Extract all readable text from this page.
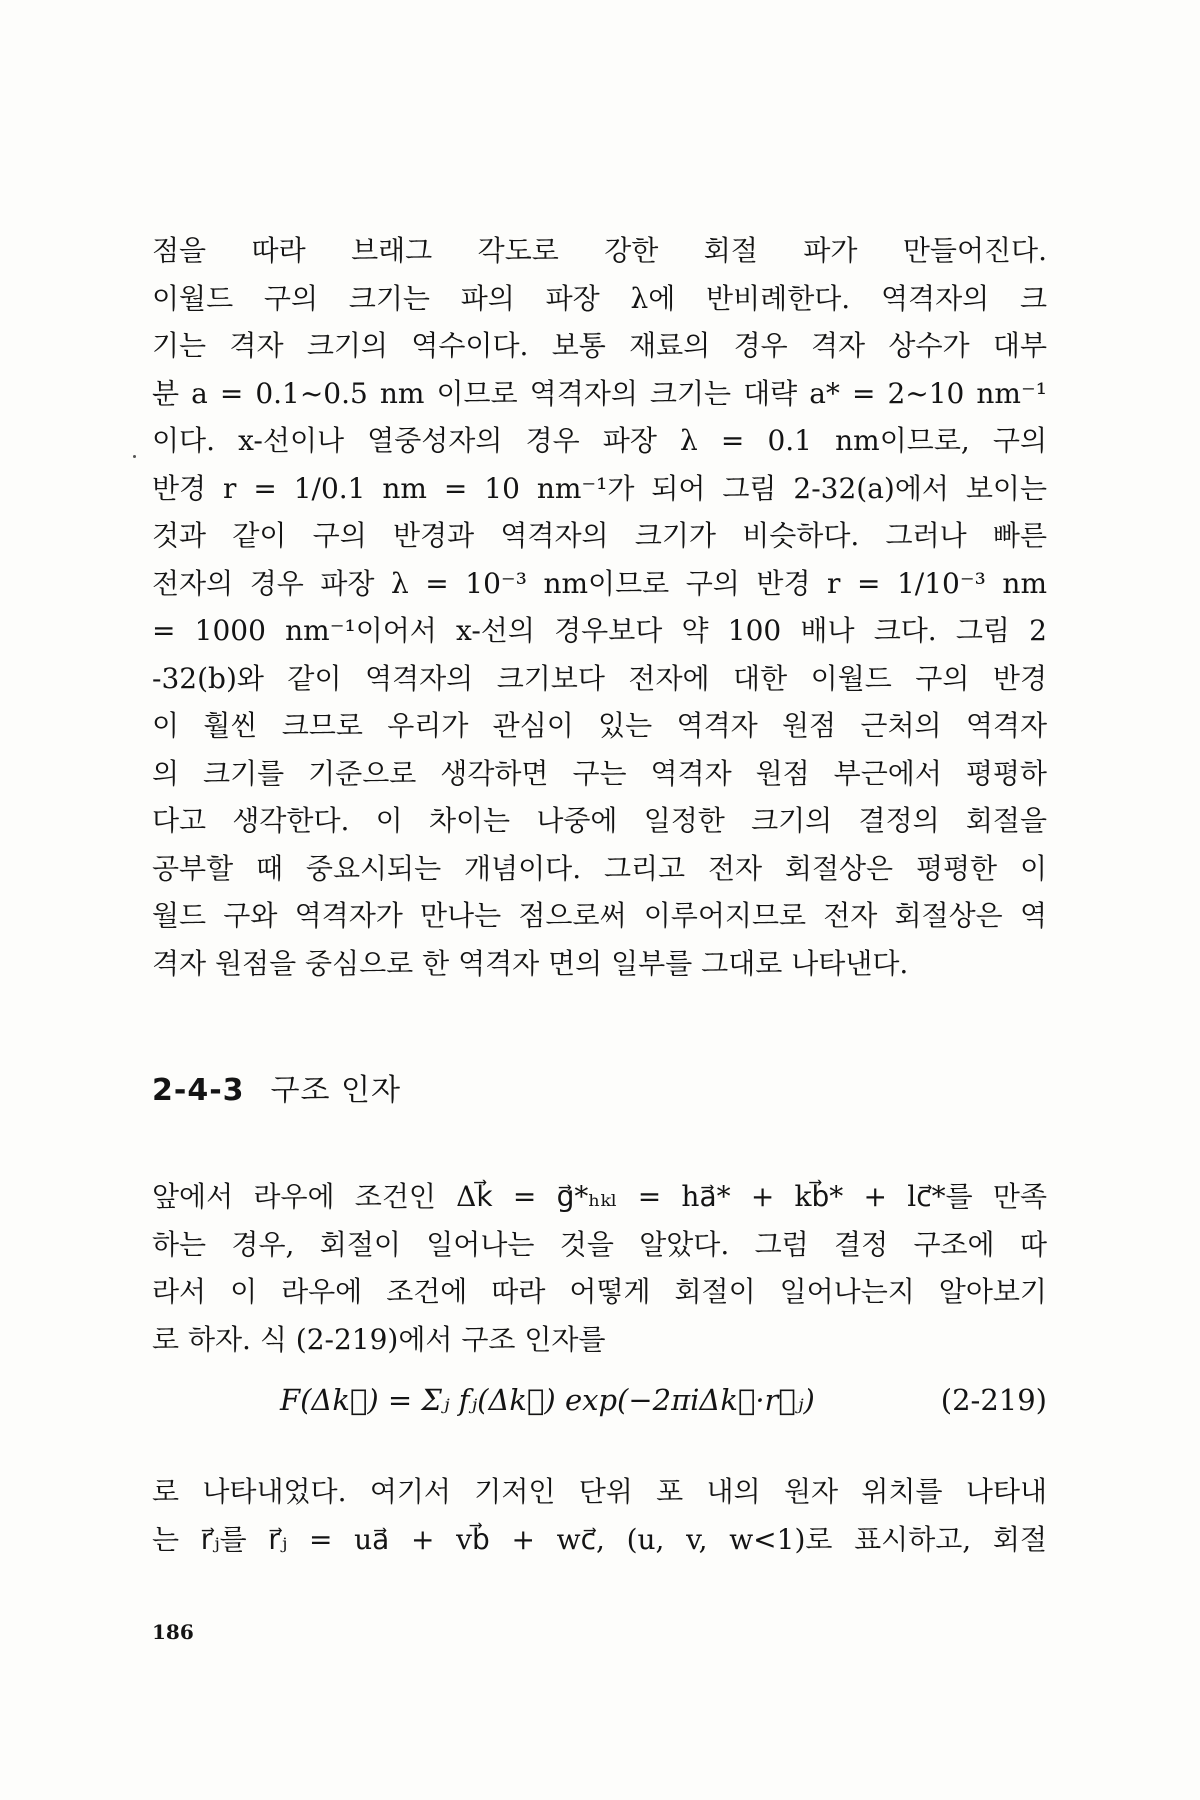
점을 따라 브래그 각도로 강한 회절 파가 만들어진다.
이월드 구의 크기는 파의 파장 λ에 반비례한다. 역격자의 크
기는 격자 크기의 역수이다. 보통 재료의 경우 격자 상수가 대부
분 a = 0.1~0.5 nm 이므로 역격자의 크기는 대략 a* = 2~10 nm⁻¹
이다. x-선이나 열중성자의 경우 파장 λ = 0.1 nm이므로, 구의
반경 r = 1/0.1 nm = 10 nm⁻¹가 되어 그림 2-32(a)에서 보이는
것과 같이 구의 반경과 역격자의 크기가 비슷하다. 그러나 빠른
전자의 경우 파장 λ = 10⁻³ nm이므로 구의 반경 r = 1/10⁻³ nm
= 1000 nm⁻¹이어서 x-선의 경우보다 약 100 배나 크다. 그림 2
-32(b)와 같이 역격자의 크기보다 전자에 대한 이월드 구의 반경
이 훨씬 크므로 우리가 관심이 있는 역격자 원점 근처의 역격자
의 크기를 기준으로 생각하면 구는 역격자 원점 부근에서 평평하
다고 생각한다. 이 차이는 나중에 일정한 크기의 결정의 회절을
공부할 때 중요시되는 개념이다. 그리고 전자 회절상은 평평한 이
월드 구와 역격자가 만나는 점으로써 이루어지므로 전자 회절상은 역
격자 원점을 중심으로 한 역격자 면의 일부를 그대로 나타낸다.
2-4-3 구조 인자
앞에서 라우에 조건인 Δk⃗ = g⃗*ₕₖₗ = ha⃗* + kb⃗* + lc⃗*를 만족
하는 경우, 회절이 일어나는 것을 알았다. 그럼 결정 구조에 따
라서 이 라우에 조건에 따라 어떻게 회절이 일어나는지 알아보기
로 하자. 식 (2-219)에서 구조 인자를
F(Δk⃗) = Σⱼ fⱼ(Δk⃗) exp(−2πiΔk⃗·r⃗ⱼ)	(2-219)
로 나타내었다. 여기서 기저인 단위 포 내의 원자 위치를 나타내
는 r⃗ⱼ를 r⃗ⱼ = ua⃗ + vb⃗ + wc⃗, (u, v, w<1)로 표시하고, 회절
186
